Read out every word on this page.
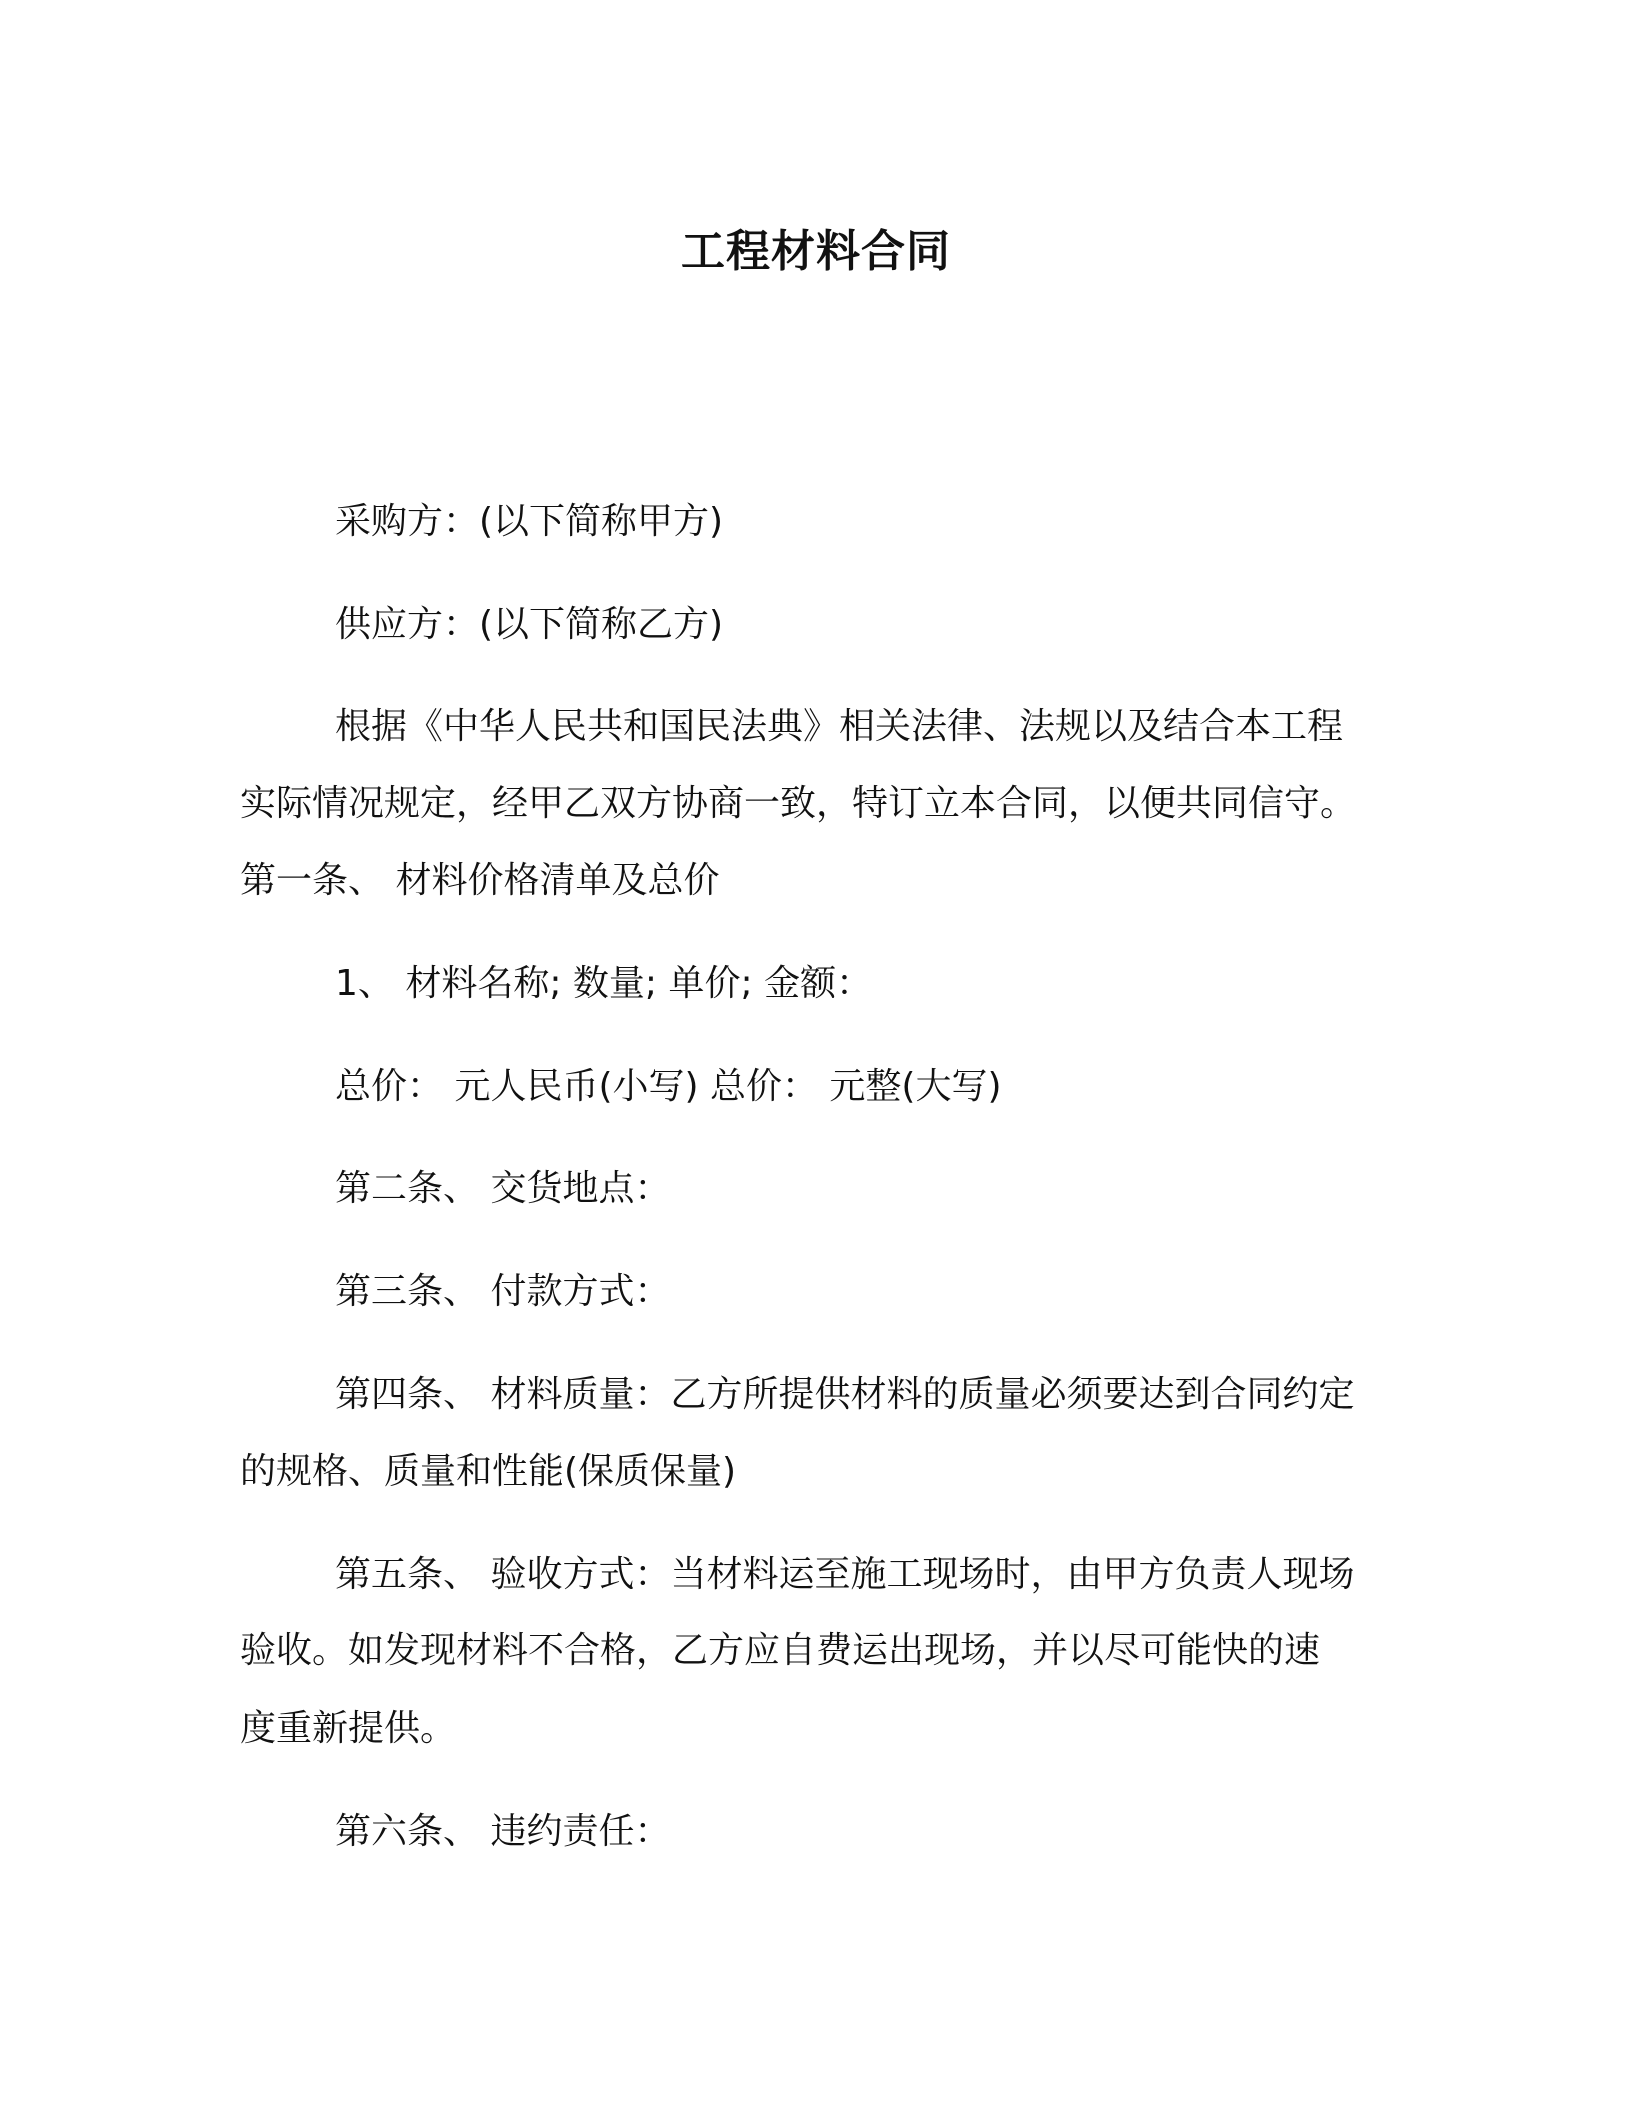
工程材料合同
采购方：(以下简称甲方)
供应方：(以下简称乙方)
根据《中华人民共和国民法典》相关法律、法规以及结合本工程
实际情况规定，经甲乙双方协商一致，特订立本合同，以便共同信守。
第一条、 材料价格清单及总价
1、 材料名称; 数量; 单价; 金额：
总价： 元人民币(小写) 总价： 元整(大写)
第二条、 交货地点：
第三条、 付款方式：
第四条、 材料质量：乙方所提供材料的质量必须要达到合同约定
的规格、质量和性能(保质保量)
第五条、 验收方式：当材料运至施工现场时，由甲方负责人现场
验收。如发现材料不合格，乙方应自费运出现场，并以尽可能快的速
度重新提供。
第六条、 违约责任：
